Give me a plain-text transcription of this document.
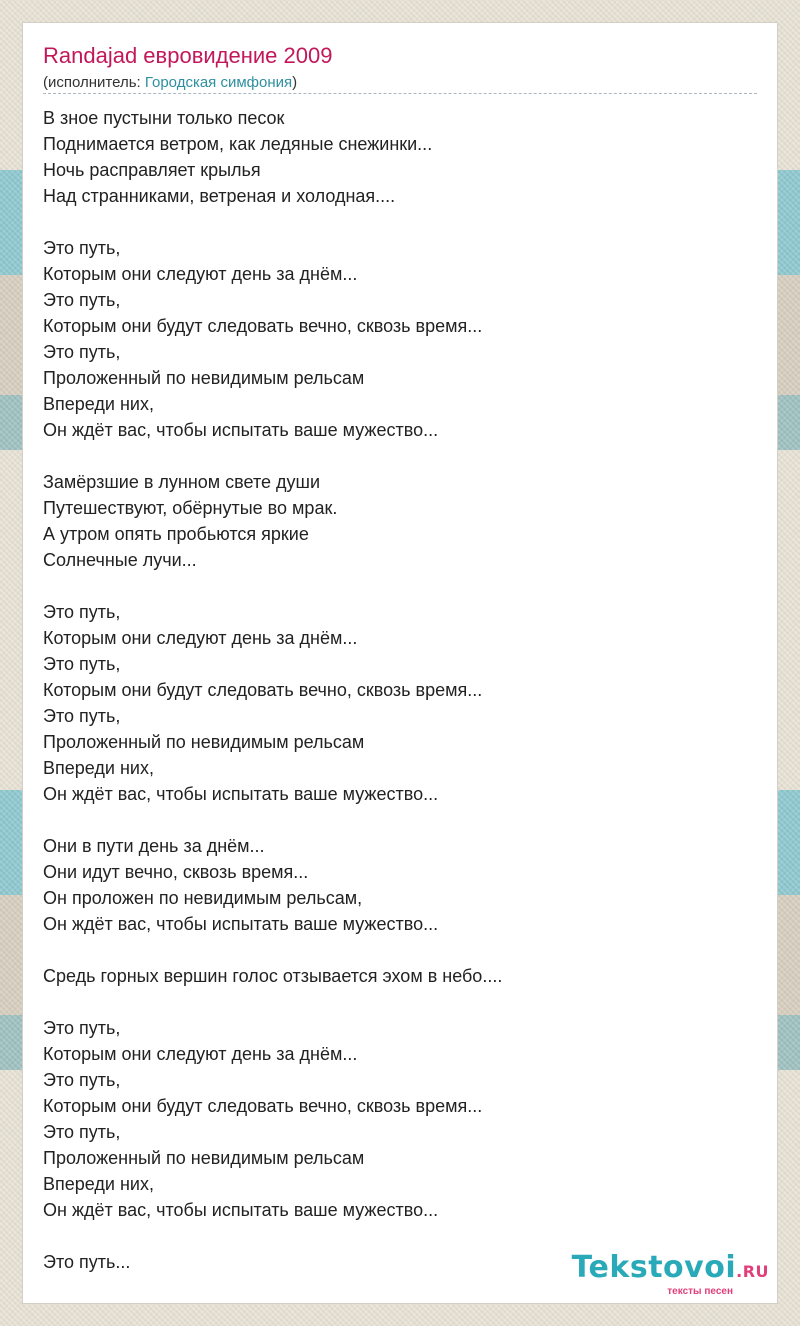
Randajad евровидение 2009
(исполнитель: Городская симфония)
В зное пустыни только песок
Поднимается ветром, как ледяные снежинки...
Ночь расправляет крылья
Над странниками, ветреная и холодная....
Это путь,
Которым они следуют день за днём...
Это путь,
Которым они будут следовать вечно, сквозь время...
Это путь,
Проложенный по невидимым рельсам
Впереди них,
Он ждёт вас, чтобы испытать ваше мужество...
Замёрзшие в лунном свете души
Путешествуют, обёрнутые во мрак.
А утром опять пробьются яркие
Солнечные лучи...
Это путь,
Которым они следуют день за днём...
Это путь,
Которым они будут следовать вечно, сквозь время...
Это путь,
Проложенный по невидимым рельсам
Впереди них,
Он ждёт вас, чтобы испытать ваше мужество...
Они в пути день за днём...
Они идут вечно, сквозь время...
Он проложен по невидимым рельсам,
Он ждёт вас, чтобы испытать ваше мужество...
Средь горных вершин голос отзывается эхом в небо....
Это путь,
Которым они следуют день за днём...
Это путь,
Которым они будут следовать вечно, сквозь время...
Это путь,
Проложенный по невидимым рельсам
Впереди них,
Он ждёт вас, чтобы испытать ваше мужество...
Это путь...	Tekstovoi.RU
тексты песен
